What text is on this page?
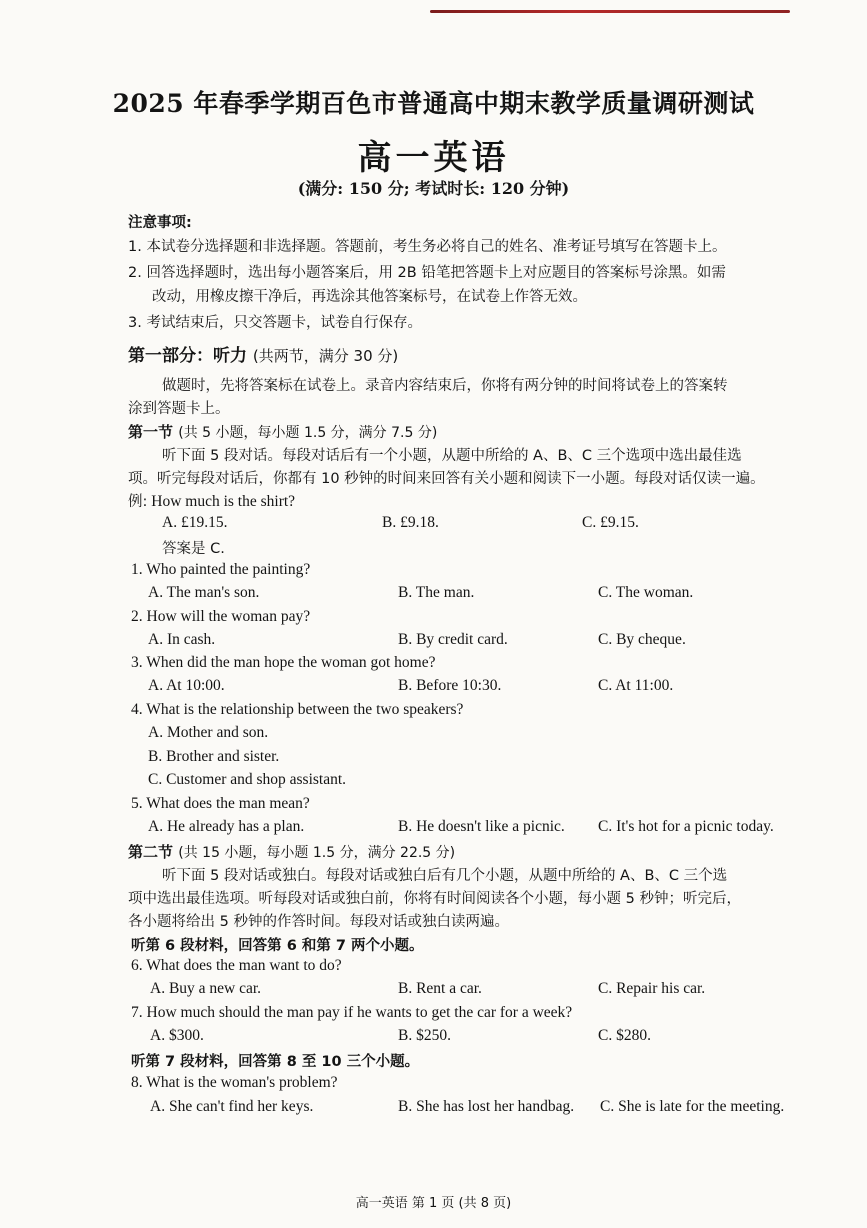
2025 年春季学期百色市普通高中期末教学质量调研测试
高一英语
(满分: 150 分; 考试时长: 120 分钟)
注意事项:
1. 本试卷分选择题和非选择题。答题前，考生务必将自己的姓名、准考证号填写在答题卡上。
2. 回答选择题时，选出每小题答案后，用 2B 铅笔把答题卡上对应题目的答案标号涂黑。如需
改动，用橡皮擦干净后，再选涂其他答案标号，在试卷上作答无效。
3. 考试结束后，只交答题卡，试卷自行保存。
第一部分：听力 (共两节，满分 30 分)
做题时，先将答案标在试卷上。录音内容结束后，你将有两分钟的时间将试卷上的答案转
涂到答题卡上。
第一节 (共 5 小题，每小题 1.5 分，满分 7.5 分)
听下面 5 段对话。每段对话后有一个小题，从题中所给的 A、B、C 三个选项中选出最佳选
项。听完每段对话后，你都有 10 秒钟的时间来回答有关小题和阅读下一小题。每段对话仅读一遍。
例: How much is the shirt?
A. £19.15.	B. £9.18.	C. £9.15.
答案是 C.
1. Who painted the painting?
A. The man's son.	B. The man.	C. The woman.
2. How will the woman pay?
A. In cash.	B. By credit card.	C. By cheque.
3. When did the man hope the woman got home?
A. At 10:00.	B. Before 10:30.	C. At 11:00.
4. What is the relationship between the two speakers?
A. Mother and son.
B. Brother and sister.
C. Customer and shop assistant.
5. What does the man mean?
A. He already has a plan.	B. He doesn't like a picnic. C. It's hot for a picnic today.
第二节 (共 15 小题，每小题 1.5 分，满分 22.5 分)
听下面 5 段对话或独白。每段对话或独白后有几个小题，从题中所给的 A、B、C 三个选
项中选出最佳选项。听每段对话或独白前，你将有时间阅读各个小题，每小题 5 秒钟；听完后，
各小题将给出 5 秒钟的作答时间。每段对话或独白读两遍。
听第 6 段材料，回答第 6 和第 7 两个小题。
6. What does the man want to do?
A. Buy a new car.	B. Rent a car.	C. Repair his car.
7. How much should the man pay if he wants to get the car for a week?
A. $300.	B. $250.	C. $280.
听第 7 段材料，回答第 8 至 10 三个小题。
8. What is the woman's problem?
A. She can't find her keys.	B. She has lost her handbag. C. She is late for the meeting.
高一英语 第 1 页 (共 8 页)
